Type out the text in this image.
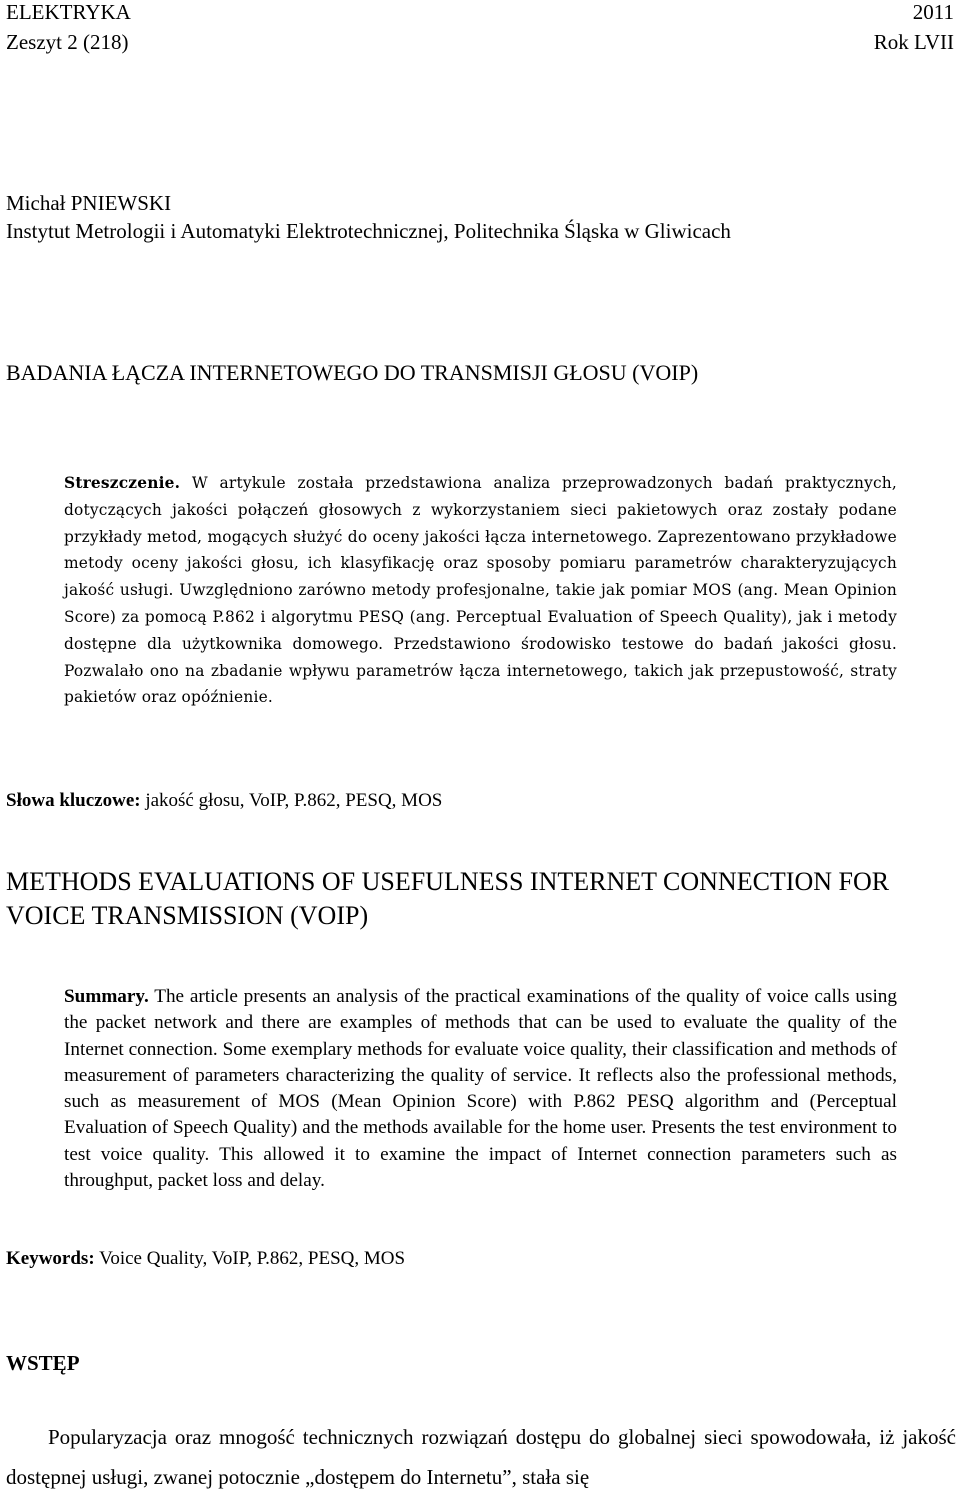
ELEKTRYKA	2011
Zeszyt 2 (218)	Rok LVII
Michał PNIEWSKI
Instytut Metrologii i Automatyki Elektrotechnicznej, Politechnika Śląska w Gliwicach
BADANIA ŁĄCZA INTERNETOWEGO DO TRANSMISJI GŁOSU (VOIP)
Streszczenie. W artykule została przedstawiona analiza przeprowadzonych badań praktycznych, dotyczących jakości połączeń głosowych z wykorzystaniem sieci pakietowych oraz zostały podane przykłady metod, mogących służyć do oceny jakości łącza internetowego. Zaprezentowano przykładowe metody oceny jakości głosu, ich klasyfikację oraz sposoby pomiaru parametrów charakteryzujących jakość usługi. Uwzględniono zarówno metody profesjonalne, takie jak pomiar MOS (ang. Mean Opinion Score) za pomocą P.862 i algorytmu PESQ (ang. Perceptual Evaluation of Speech Quality), jak i metody dostępne dla użytkownika domowego. Przedstawiono środowisko testowe do badań jakości głosu. Pozwalało ono na zbadanie wpływu parametrów łącza internetowego, takich jak przepustowość, straty pakietów oraz opóźnienie.
Słowa kluczowe: jakość głosu, VoIP, P.862, PESQ, MOS
METHODS EVALUATIONS OF USEFULNESS INTERNET CONNECTION FOR VOICE TRANSMISSION (VOIP)
Summary. The article presents an analysis of the practical examinations of the quality of voice calls using the packet network and there are examples of methods that can be used to evaluate the quality of the Internet connection. Some exemplary methods for evaluate voice quality, their classification and methods of measurement of parameters characterizing the quality of service. It reflects also the professional methods, such as measurement of MOS (Mean Opinion Score) with P.862 PESQ algorithm and (Perceptual Evaluation of Speech Quality) and the methods available for the home user. Presents the test environment to test voice quality. This allowed it to examine the impact of Internet connection parameters such as throughput, packet loss and delay.
Keywords: Voice Quality, VoIP, P.862, PESQ, MOS
WSTĘP
Popularyzacja oraz mnogość technicznych rozwiązań dostępu do globalnej sieci spowodowała, iż jakość dostępnej usługi, zwanej potocznie „dostępem do Internetu”, stała się
